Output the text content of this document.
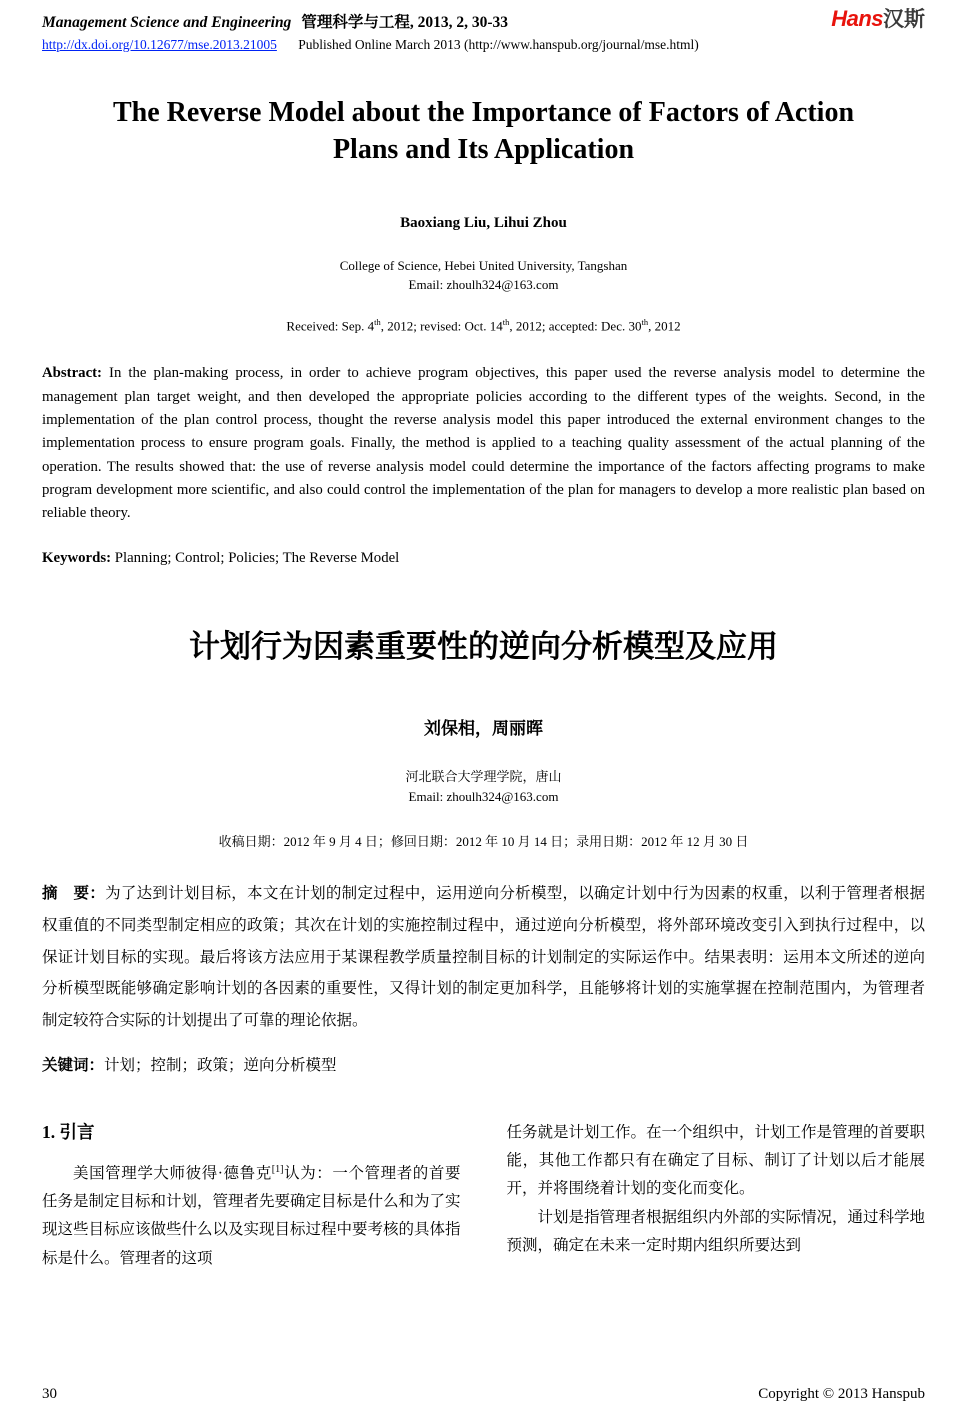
Management Science and Engineering 管理科学与工程, 2013, 2, 30-33	Hans汉斯
http://dx.doi.org/10.12677/mse.2013.21005 Published Online March 2013 (http://www.hanspub.org/journal/mse.html)
The Reverse Model about the Importance of Factors of Action Plans and Its Application

Baoxiang Liu, Lihui Zhou

College of Science, Hebei United University, Tangshan
Email: zhoulh324@163.com

Received: Sep. 4th, 2012; revised: Oct. 14th, 2012; accepted: Dec. 30th, 2012

Abstract: In the plan-making process, in order to achieve program objectives, this paper used the reverse analysis model to determine the management plan target weight, and then developed the appropriate policies according to the different types of the weights. Second, in the implementation of the plan control process, thought the reverse analysis model this paper introduced the external environment changes to the implementation process to ensure program goals. Finally, the method is applied to a teaching quality assessment of the actual planning of the operation. The results showed that: the use of reverse analysis model could determine the importance of the factors affecting programs to make program development more scientific, and also could control the implementation of the plan for managers to develop a more realistic plan based on reliable theory.

Keywords: Planning; Control; Policies; The Reverse Model

计划行为因素重要性的逆向分析模型及应用

刘保相，周丽晖

河北联合大学理学院，唐山
Email: zhoulh324@163.com

收稿日期：2012 年 9 月 4 日；修回日期：2012 年 10 月 14 日；录用日期：2012 年 12 月 30 日

摘　要：为了达到计划目标，本文在计划的制定过程中，运用逆向分析模型，以确定计划中行为因素的权重，以利于管理者根据权重值的不同类型制定相应的政策；其次在计划的实施控制过程中，通过逆向分析模型，将外部环境改变引入到执行过程中，以保证计划目标的实现。最后将该方法应用于某课程教学质量控制目标的计划制定的实际运作中。结果表明：运用本文所述的逆向分析模型既能够确定影响计划的各因素的重要性，又得计划的制定更加科学，且能够将计划的实施掌握在控制范围内，为管理者制定较符合实际的计划提出了可靠的理论依据。

关键词：计划；控制；政策；逆向分析模型

1. 引言

美国管理学大师彼得·德鲁克[1]认为：一个管理者的首要任务是制定目标和计划，管理者先要确定目标是什么和为了实现这些目标应该做些什么以及实现目标过程中要考核的具体指标是什么。管理者的这项

任务就是计划工作。在一个组织中，计划工作是管理的首要职能，其他工作都只有在确定了目标、制订了计划以后才能展开，并将围绕着计划的变化而变化。

计划是指管理者根据组织内外部的实际情况，通过科学地预测，确定在未来一定时期内组织所要达到

30	Copyright © 2013 Hanspub
